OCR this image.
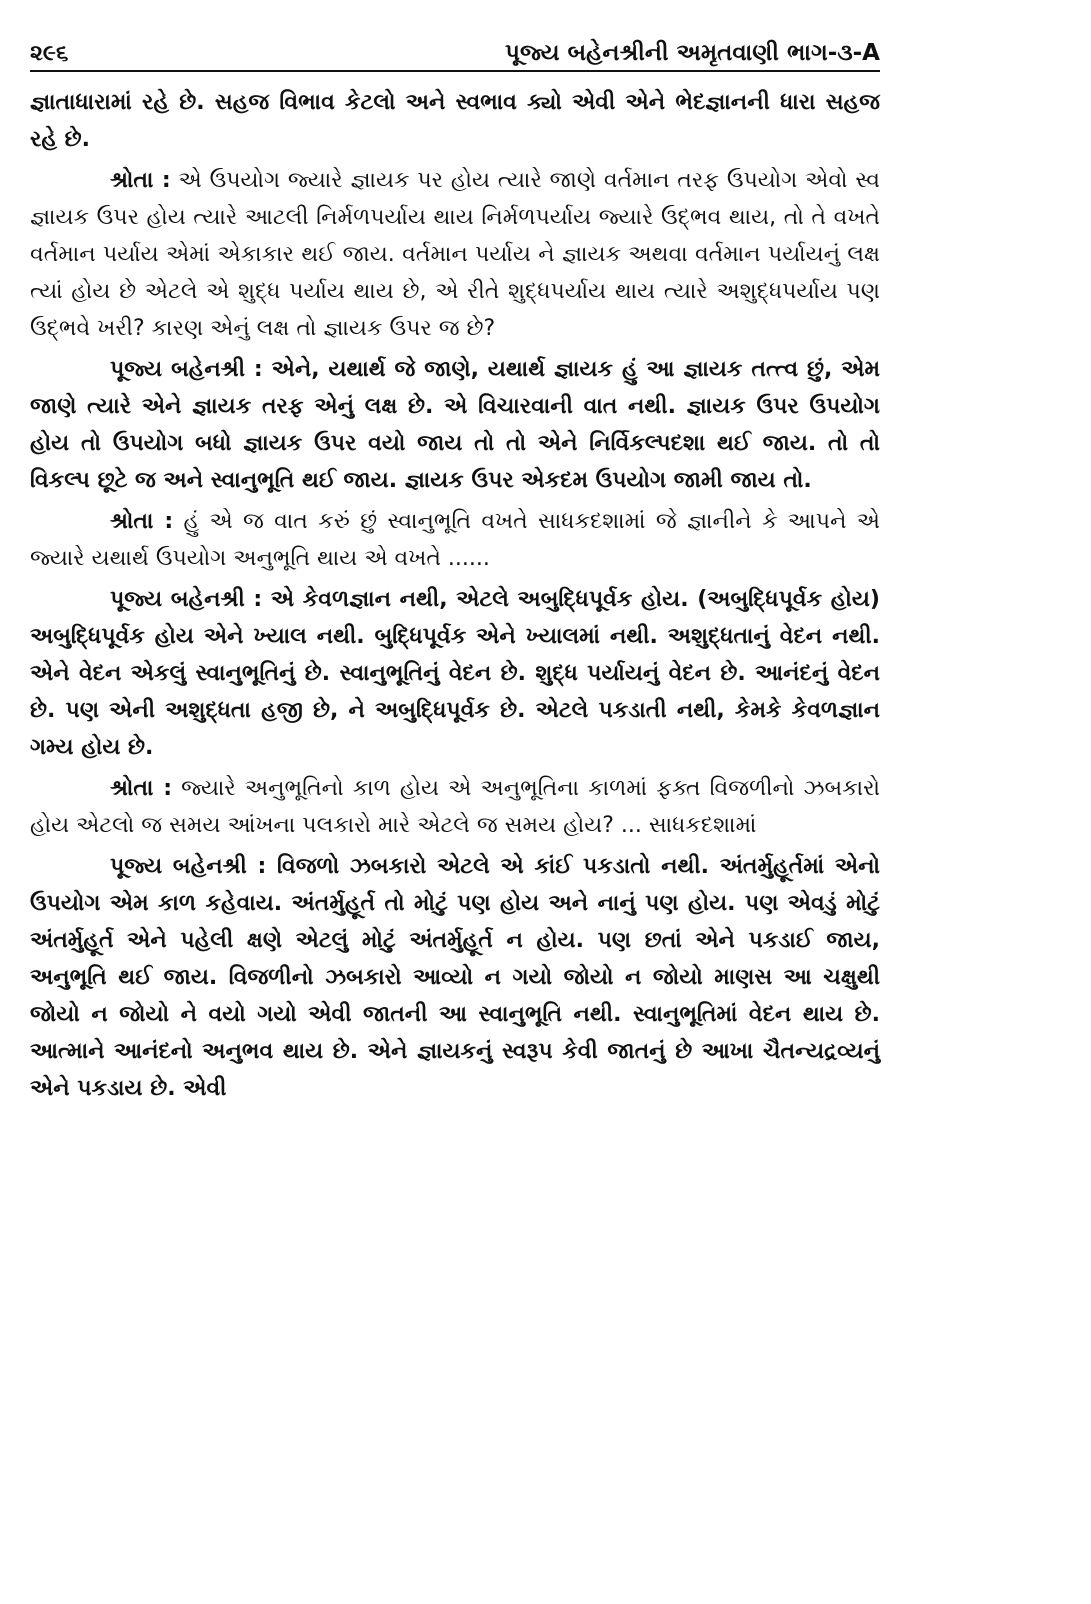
૨૯૬	પૂજ્ય બહેનશ્રીની અમૃતવાણી ભાગ-૩-A

જ્ઞાતાધારામાં રહે છે. સહજ વિભાવ કેટલો અને સ્વભાવ ક્યો એવી એને ભેદજ્ઞાનની ધારા સહજ રહે છે.

શ્રોતા : એ ઉપયોગ જ્યારે જ્ઞાયક પર હોય ત્યારે જાણે વર્તમાન તરફ ઉપયોગ એવો સ્વ જ્ઞાયક ઉપર હોય ત્યારે આટલી નિર્મળપર્યાય થાય નિર્મળપર્યાય જ્યારે ઉદ્ભવ થાય, તો તે વખતે વર્તમાન પર્યાય એમાં એકાકાર થઈ જાય. વર્તમાન પર્યાય ને જ્ઞાયક અથવા વર્તમાન પર્યાયનું લક્ષ ત્યાં હોય છે એટલે એ શુદ્ધ પર્યાય થાય છે, એ રીતે શુદ્ધપર્યાય થાય ત્યારે અશુદ્ધપર્યાય પણ ઉદ્ભવે ખરી? કારણ એનું લક્ષ તો જ્ઞાયક ઉપર જ છે?

પૂજ્ય બહેનશ્રી : એને, યથાર્થ જે જાણે, યથાર્થ જ્ઞાયક હું આ જ્ઞાયક તત્ત્વ છું, એમ જાણે ત્યારે એને જ્ઞાયક તરફ એનું લક્ષ છે. એ વિચારવાની વાત નથી. જ્ઞાયક ઉપર ઉપયોગ હોય તો ઉપયોગ બધો જ્ઞાયક ઉપર વયો જાય તો તો એને નિર્વિકલ્પદશા થઈ જાય. તો તો વિકલ્પ છૂટે જ અને સ્વાનુભૂતિ થઈ જાય. જ્ઞાયક ઉપર એકદમ ઉપયોગ જામી જાય તો.

શ્રોતા : હું એ જ વાત કરું છું સ્વાનુભૂતિ વખતે સાધકદશામાં જે જ્ઞાનીને કે આપને એ જ્યારે યથાર્થ ઉપયોગ અનુભૂતિ થાય એ વખતે ......

પૂજ્ય બહેનશ્રી : એ કેવળજ્ઞાન નથી, એટલે અબુદ્ધિપૂર્વક હોય. (અબુદ્ધિપૂર્વક હોય) અબુદ્ધિપૂર્વક હોય એને ખ્યાલ નથી. બુદ્ધિપૂર્વક એને ખ્યાલમાં નથી. અશુદ્ધતાનું વેદન નથી. એને વેદન એકલું સ્વાનુભૂતિનું છે. સ્વાનુભૂતિનું વેદન છે. શુદ્ધ પર્યાયનું વેદન છે. આનંદનું વેદન છે. પણ એની અશુદ્ધતા હજી છે, ને અબુદ્ધિપૂર્વક છે. એટલે પકડાતી નથી, કેમકે કેવળજ્ઞાન ગમ્ય હોય છે.

શ્રોતા : જ્યારે અનુભૂતિનો કાળ હોય એ અનુભૂતિના કાળમાં ફક્ત વિજળીનો ઝબકારો હોય એટલો જ સમય આંખના પલકારો મારે એટલે જ સમય હોય? ... સાધકદશામાં

પૂજ્ય બહેનશ્રી : વિજળો ઝબકારો એટલે એ કાંઈ પકડાતો નથી. અંતર્મુહૂર્તમાં એનો ઉપયોગ એમ કાળ કહેવાય. અંતર્મુહૂર્ત તો મોટું પણ હોય અને નાનું પણ હોય. પણ એવડું મોટું અંતર્મુહૂર્ત એને પહેલી ક્ષણે એટલું મોટું અંતર્મુહૂર્ત ન હોય. પણ છતાં એને પકડાઈ જાય, અનુભૂતિ થઈ જાય. વિજળીનો ઝબકારો આવ્યો ન ગયો જોયો ન જોયો માણસ આ ચક્ષુથી જોયો ન જોયો ને વયો ગયો એવી જાતની આ સ્વાનુભૂતિ નથી. સ્વાનુભૂતિમાં વેદન થાય છે. આત્માને આનંદનો અનુભવ થાય છે. એને જ્ઞાયકનું સ્વરૂપ કેવી જાતનું છે આખા ચૈતન્યદ્રવ્યનું એને પકડાય છે. એવી
